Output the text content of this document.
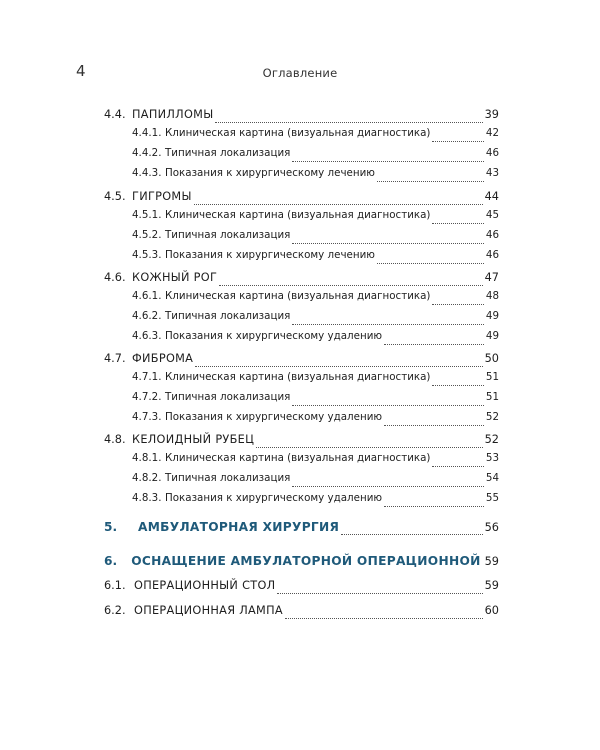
4	Оглавление
4.4. ПАПИЛЛОМЫ	39
4.4.1. Клиническая картина (визуальная диагностика)	42
4.4.2. Типичная локализация	46
4.4.3. Показания к хирургическому лечению	43
4.5. ГИГРОМЫ	44
4.5.1. Клиническая картина (визуальная диагностика)	45
4.5.2. Типичная локализация	46
4.5.3. Показания к хирургическому лечению	46
4.6. КОЖНЫЙ РОГ	47
4.6.1. Клиническая картина (визуальная диагностика)	48
4.6.2. Типичная локализация	49
4.6.3. Показания к хирургическому удалению	49
4.7. ФИБРОМА	50
4.7.1. Клиническая картина (визуальная диагностика)	51
4.7.2. Типичная локализация	51
4.7.3. Показания к хирургическому удалению	52
4.8. КЕЛОИДНЫЙ РУБЕЦ	52
4.8.1. Клиническая картина (визуальная диагностика)	53
4.8.2. Типичная локализация	54
4.8.3. Показания к хирургическому удалению	55
5.	АМБУЛАТОРНАЯ ХИРУРГИЯ	56
6.	ОСНАЩЕНИЕ АМБУЛАТОРНОЙ ОПЕРАЦИОННОЙ 59
6.1. ОПЕРАЦИОННЫЙ СТОЛ	59
6.2. ОПЕРАЦИОННАЯ ЛАМПА	60
